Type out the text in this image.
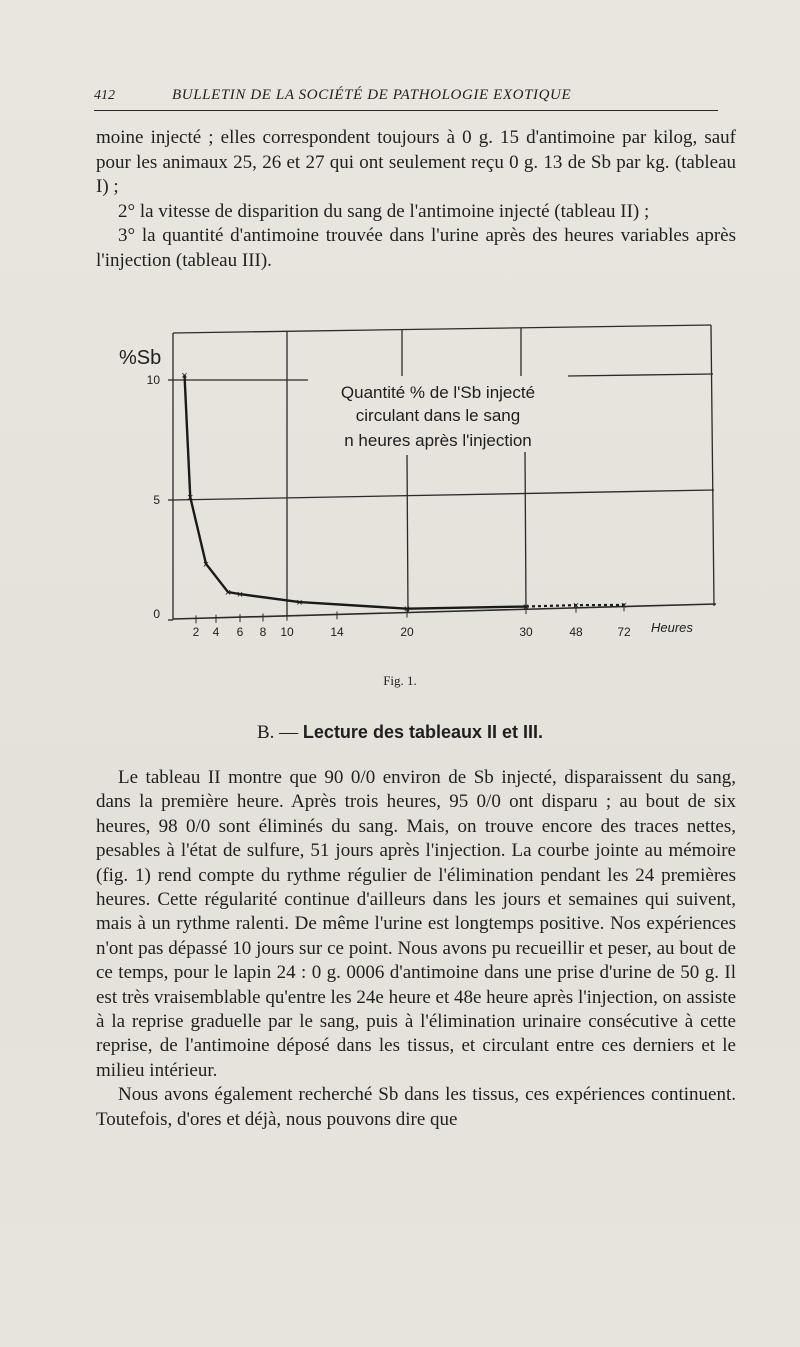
412	BULLETIN DE LA SOCIÉTÉ DE PATHOLOGIE EXOTIQUE

moine injecté ; elles correspondent toujours à 0 g. 15 d'antimoine par kilog, sauf pour les animaux 25, 26 et 27 qui ont seulement reçu 0 g. 13 de Sb par kg. (tableau I) ;

2° la vitesse de disparition du sang de l'antimoine injecté (tableau II) ;

3° la quantité d'antimoine trouvée dans l'urine après des heures variables après l'injection (tableau III).

%Sb
10
5
0
2 4 6 8 10	14	20	30	48	72 Heures
Quantité % de l'Sb injecté
circulant dans le sang
n heures après l'injection
×
×
×
× ×
×
×	×	×	×
Fig. 1.
B. — Lecture des tableaux II et III.

Le tableau II montre que 90 0/0 environ de Sb injecté, disparaissent du sang, dans la première heure. Après trois heures, 95 0/0 ont disparu ; au bout de six heures, 98 0/0 sont éliminés du sang. Mais, on trouve encore des traces nettes, pesables à l'état de sulfure, 51 jours après l'injection. La courbe jointe au mémoire (fig. 1) rend compte du rythme régulier de l'élimination pendant les 24 premières heures. Cette régularité continue d'ailleurs dans les jours et semaines qui suivent, mais à un rythme ralenti. De même l'urine est longtemps positive. Nos expériences n'ont pas dépassé 10 jours sur ce point. Nous avons pu recueillir et peser, au bout de ce temps, pour le lapin 24 : 0 g. 0006 d'antimoine dans une prise d'urine de 50 g. Il est très vraisemblable qu'entre les 24e heure et 48e heure après l'injection, on assiste à la reprise graduelle par le sang, puis à l'élimination urinaire consécutive à cette reprise, de l'antimoine déposé dans les tissus, et circulant entre ces derniers et le milieu intérieur.

Nous avons également recherché Sb dans les tissus, ces expériences continuent. Toutefois, d'ores et déjà, nous pouvons dire que
